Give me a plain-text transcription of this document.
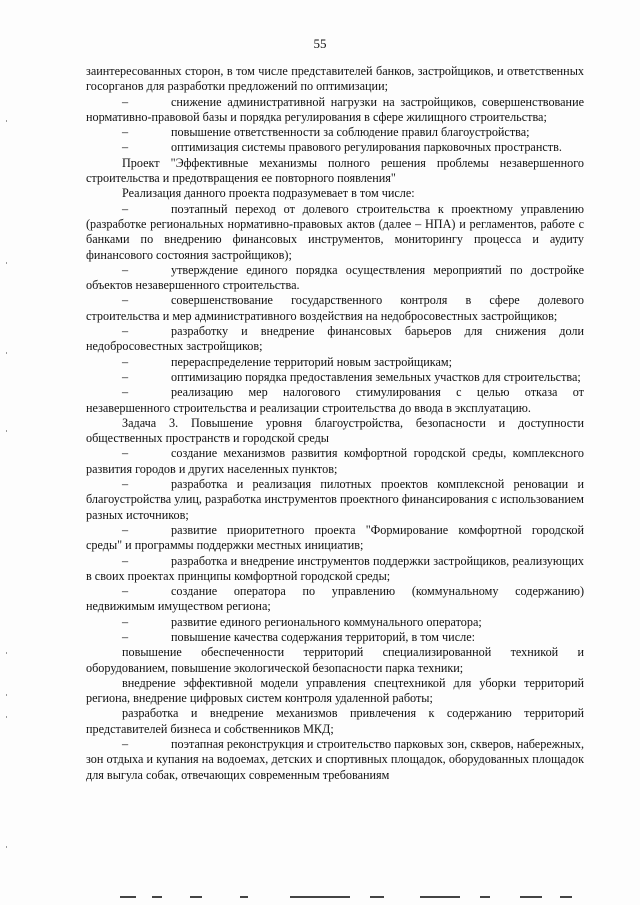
55

заинтересованных сторон, в том числе представителей банков, застройщиков, и ответственных госорганов для разработки предложений по оптимизации;

–	снижение административной нагрузки на застройщиков, совершенствование нормативно-правовой базы и порядка регулирования в сфере жилищного строительства;

–	повышение ответственности за соблюдение правил благоустройства;

–	оптимизация системы правового регулирования парковочных пространств.

Проект "Эффективные механизмы полного решения проблемы незавершенного строительства и предотвращения ее повторного появления"

Реализация данного проекта подразумевает в том числе:

–	поэтапный переход от долевого строительства к проектному управлению (разработке региональных нормативно-правовых актов (далее – НПА) и регламентов, работе с банками по внедрению финансовых инструментов, мониторингу процесса и аудиту финансового состояния застройщиков);

–	утверждение единого порядка осуществления мероприятий по достройке объектов незавершенного строительства.

–	совершенствование государственного контроля в сфере долевого строительства и мер административного воздействия на недобросовестных застройщиков;

–	разработку и внедрение финансовых барьеров для снижения доли недобросовестных застройщиков;

–	перераспределение территорий новым застройщикам;

–	оптимизацию порядка предоставления земельных участков для строительства;

–	реализацию мер налогового стимулирования с целью отказа от незавершенного строительства и реализации строительства до ввода в эксплуатацию.

Задача 3. Повышение уровня благоустройства, безопасности и доступности общественных пространств и городской среды

–	создание механизмов развития комфортной городской среды, комплексного развития городов и других населенных пунктов;

–	разработка и реализация пилотных проектов комплексной реновации и благоустройства улиц, разработка инструментов проектного финансирования с использованием разных источников;

–	развитие приоритетного проекта "Формирование комфортной городской среды" и программы поддержки местных инициатив;

–	разработка и внедрение инструментов поддержки застройщиков, реализующих в своих проектах принципы комфортной городской среды;

–	создание оператора по управлению (коммунальному содержанию) недвижимым имуществом региона;

–	развитие единого регионального коммунального оператора;

–	повышение качества содержания территорий, в том числе:

повышение обеспеченности территорий специализированной техникой и оборудованием, повышение экологической безопасности парка техники;

внедрение эффективной модели управления спецтехникой для уборки территорий региона, внедрение цифровых систем контроля удаленной работы;

разработка и внедрение механизмов привлечения к содержанию территорий представителей бизнеса и собственников МКД;

–	поэтапная реконструкция и строительство парковых зон, скверов, набережных, зон отдыха и купания на водоемах, детских и спортивных площадок, оборудованных площадок для выгула собак, отвечающих современным требованиям
